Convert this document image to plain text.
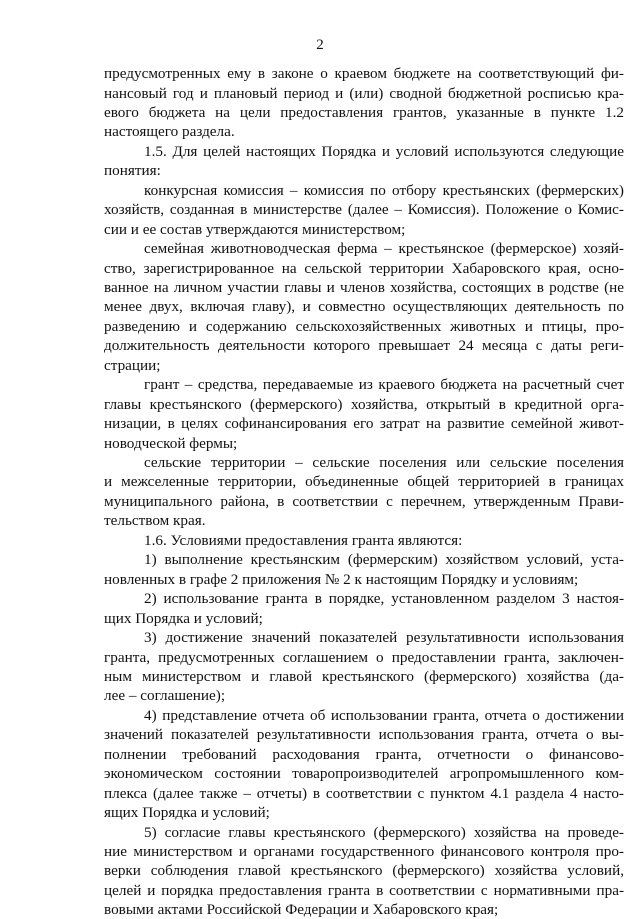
2
предусмотренных ему в законе о краевом бюджете на соответствующий фи-
нансовый год и плановый период и (или) сводной бюджетной росписью кра-
евого бюджета на цели предоставления грантов, указанные в пункте 1.2
настоящего раздела.
1.5. Для целей настоящих Порядка и условий используются следующие
понятия:
конкурсная комиссия – комиссия по отбору крестьянских (фермерских)
хозяйств, созданная в министерстве (далее – Комиссия). Положение о Комис-
сии и ее состав утверждаются министерством;
семейная животноводческая ферма – крестьянское (фермерское) хозяй-
ство, зарегистрированное на сельской территории Хабаровского края, осно-
ванное на личном участии главы и членов хозяйства, состоящих в родстве (не
менее двух, включая главу), и совместно осуществляющих деятельность по
разведению и содержанию сельскохозяйственных животных и птицы, про-
должительность деятельности которого превышает 24 месяца с даты реги-
страции;
грант – средства, передаваемые из краевого бюджета на расчетный счет
главы крестьянского (фермерского) хозяйства, открытый в кредитной орга-
низации, в целях софинансирования его затрат на развитие семейной живот-
новодческой фермы;
сельские территории – сельские поселения или сельские поселения
и межселенные территории, объединенные общей территорией в границах
муниципального района, в соответствии с перечнем, утвержденным Прави-
тельством края.
1.6. Условиями предоставления гранта являются:
1) выполнение крестьянским (фермерским) хозяйством условий, уста-
новленных в графе 2 приложения № 2 к настоящим Порядку и условиям;
2) использование гранта в порядке, установленном разделом 3 настоя-
щих Порядка и условий;
3) достижение значений показателей результативности использования
гранта, предусмотренных соглашением о предоставлении гранта, заключен-
ным министерством и главой крестьянского (фермерского) хозяйства (да-
лее – соглашение);
4) представление отчета об использовании гранта, отчета о достижении
значений показателей результативности использования гранта, отчета о вы-
полнении требований расходования гранта, отчетности о финансово-
экономическом состоянии товаропроизводителей агропромышленного ком-
плекса (далее также – отчеты) в соответствии с пунктом 4.1 раздела 4 насто-
ящих Порядка и условий;
5) согласие главы крестьянского (фермерского) хозяйства на проведе-
ние министерством и органами государственного финансового контроля про-
верки соблюдения главой крестьянского (фермерского) хозяйства условий,
целей и порядка предоставления гранта в соответствии с нормативными пра-
вовыми актами Российской Федерации и Хабаровского края;
